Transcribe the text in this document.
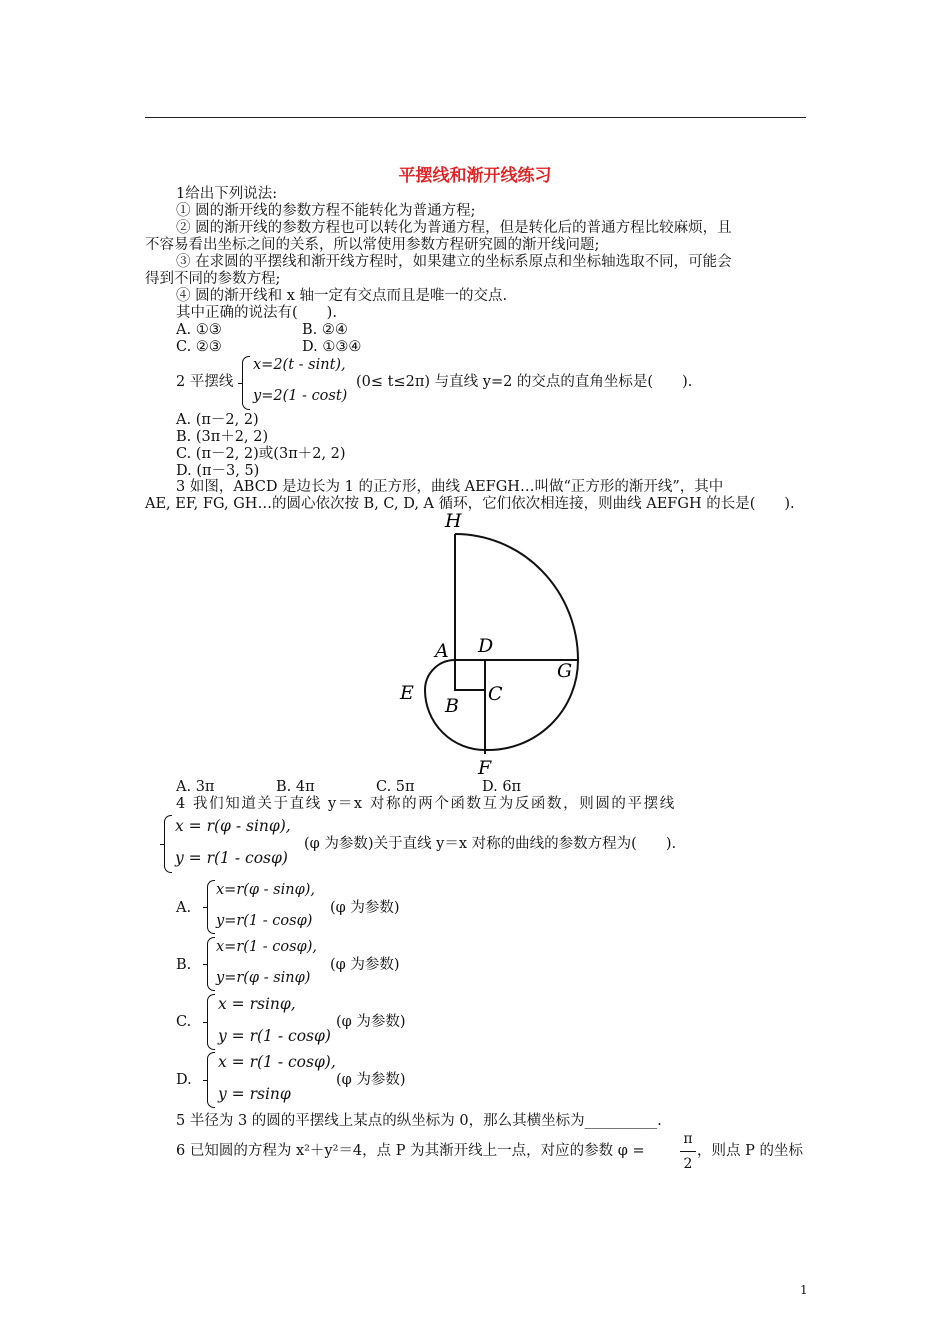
平摆线和渐开线练习
1给出下列说法:
① 圆的渐开线的参数方程不能转化为普通方程;
② 圆的渐开线的参数方程也可以转化为普通方程，但是转化后的普通方程比较麻烦，且
不容易看出坐标之间的关系，所以常使用参数方程研究圆的渐开线问题;
③ 在求圆的平摆线和渐开线方程时，如果建立的坐标系原点和坐标轴选取不同，可能会
得到不同的参数方程;
④ 圆的渐开线和 x 轴一定有交点而且是唯一的交点.
其中正确的说法有(　　).
A. ①③	B. ②④
C. ②③	D. ①③④
2 平摆线
x=2(t - sint),
y=2(1 - cost)
(0≤ t≤2π) 与直线 y=2 的交点的直角坐标是(　　).
A. (π－2, 2)
B. (3π＋2, 2)
C. (π－2, 2)或(3π＋2, 2)
D. (π－3, 5)
3 如图，ABCD 是边长为 1 的正方形，曲线 AEFGH…叫做“正方形的渐开线”，其中
AE, EF, FG, GH…的圆心依次按 B, C, D, A 循环，它们依次相连接，则曲线 AEFGH 的长是(　　).
H
A D
G
E
B
C
F
A. 3π	B. 4π	C. 5π	D. 6π
4 我们知道关于直线 y＝x 对称的两个函数互为反函数，则圆的平摆线
x = r(φ - sinφ),
y = r(1 - cosφ)
(φ 为参数)关于直线 y＝x 对称的曲线的参数方程为(　　).
A.
x=r(φ - sinφ),
y=r(1 - cosφ)
(φ 为参数)
B.
x=r(1 - cosφ),
y=r(φ - sinφ)
(φ 为参数)
C.
x = rsinφ,
y = r(1 - cosφ)
(φ 为参数)
D.
x = r(1 - cosφ),
y = rsinφ
(φ 为参数)
5 半径为 3 的圆的平摆线上某点的纵坐标为 0，那么其横坐标为__________.
6 已知圆的方程为 x²＋y²＝4，点 P 为其渐开线上一点，对应的参数 φ =
π
2
，则点 P 的坐标
1
